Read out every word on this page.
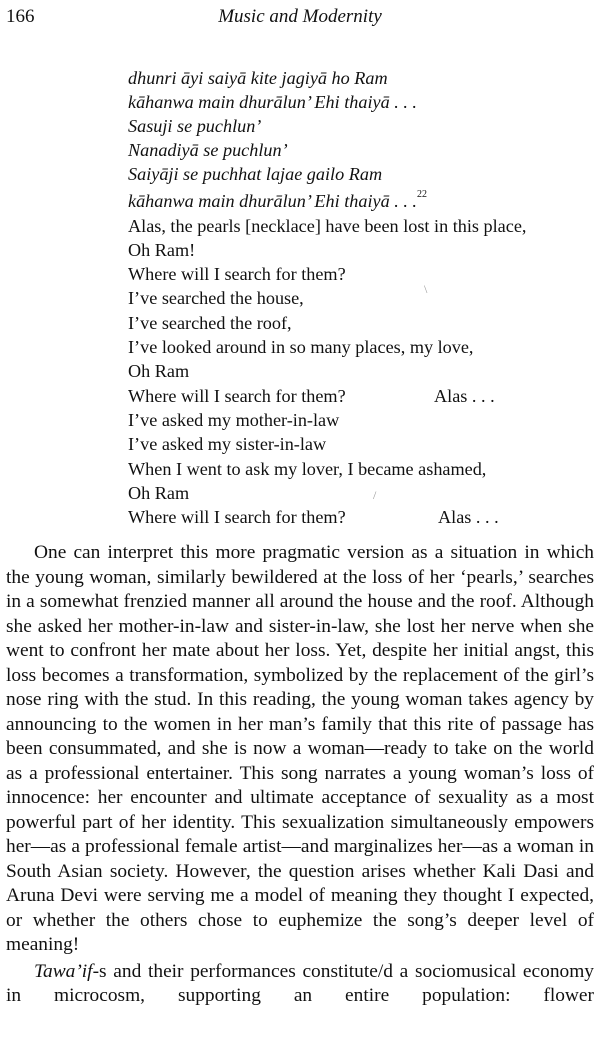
166	Music and Modernity
dhunri āyi saiyā kite jagiyā ho Ram
kāhanwa main dhurālun’ Ehi thaiyā . . .
Sasuji se puchlun’
Nanadiyā se puchlun’
Saiyāji se puchhat lajae gailo Ram
kāhanwa main dhurālun’ Ehi thaiyā . . .$^{22}$
Alas, the pearls [necklace] have been lost in this place,
Oh Ram!
Where will I search for them?
I’ve searched the house,
I’ve searched the roof,
I’ve looked around in so many places, my love,
Oh Ram
Where will I search for them?	Alas . . .
I’ve asked my mother-in-law
I’ve asked my sister-in-law
When I went to ask my lover, I became ashamed,
Oh Ram
Where will I search for them?	Alas . . .
\
/

One can interpret this more pragmatic version as a situation in which the young woman, similarly bewildered at the loss of her ‘pearls,’ searches in a somewhat frenzied manner all around the house and the roof. Although she asked her mother-in-law and sister-in-law, she lost her nerve when she went to confront her mate about her loss. Yet, despite her initial angst, this loss becomes a transformation, symbolized by the replacement of the girl’s nose ring with the stud. In this reading, the young woman takes agency by announcing to the women in her man’s family that this rite of passage has been consummated, and she is now a woman—ready to take on the world as a professional entertainer. This song narrates a young woman’s loss of innocence: her encounter and ultimate acceptance of sexuality as a most powerful part of her identity. This sexualization simultaneously empowers her—as a professional female artist—and marginalizes her—as a woman in South Asian society. However, the question arises whether Kali Dasi and Aruna Devi were serving me a model of meaning they thought I expected, or whether the others chose to euphemize the song’s deeper level of meaning!

Tawa’if-s and their performances constitute/d a sociomusical economy in microcosm, supporting an entire population: flower
